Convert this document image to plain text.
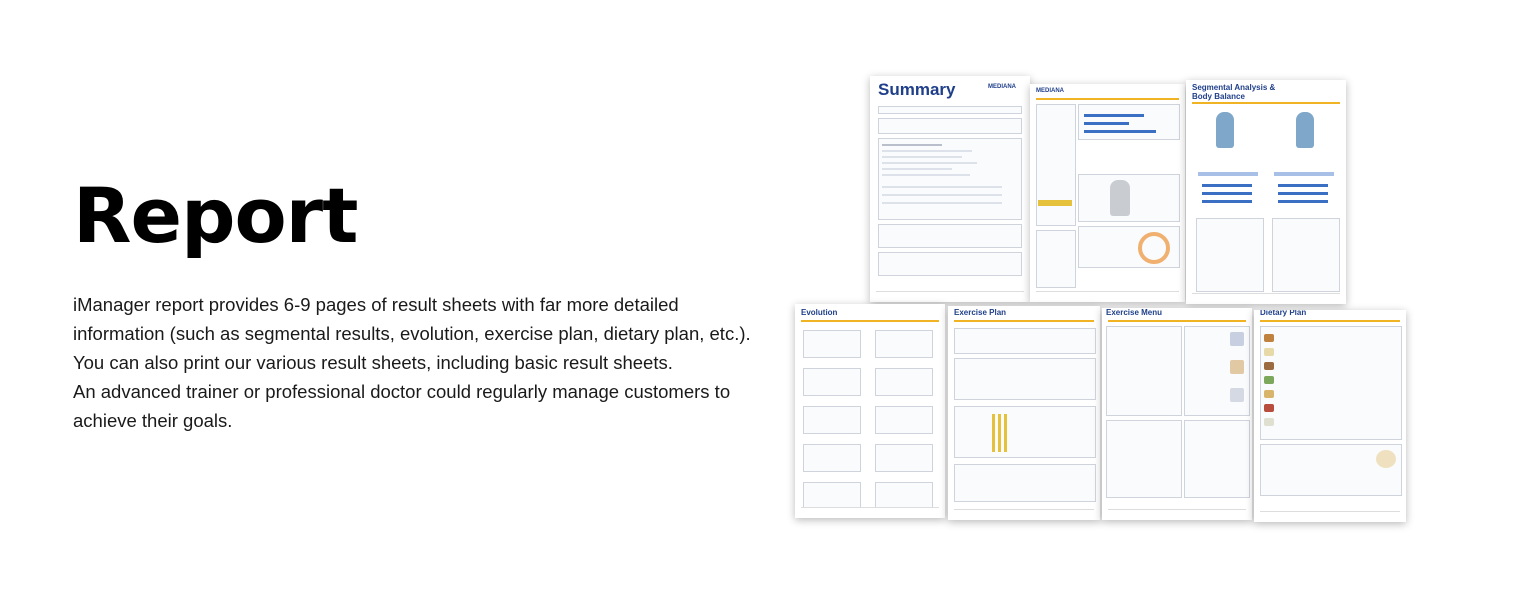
Report

iManager report provides 6-9 pages of result sheets with far more detailed

information (such as segmental results, evolution, exercise plan, dietary plan, etc.).

You can also print our various result sheets, including basic result sheets.

An advanced trainer or professional doctor could regularly manage customers to

achieve their goals.

Summary	MEDIANA
MEDIANA	Segmental Analysis & Body Balance
Evolution	Exercise Plan	Exercise Menu	Dietary Plan
